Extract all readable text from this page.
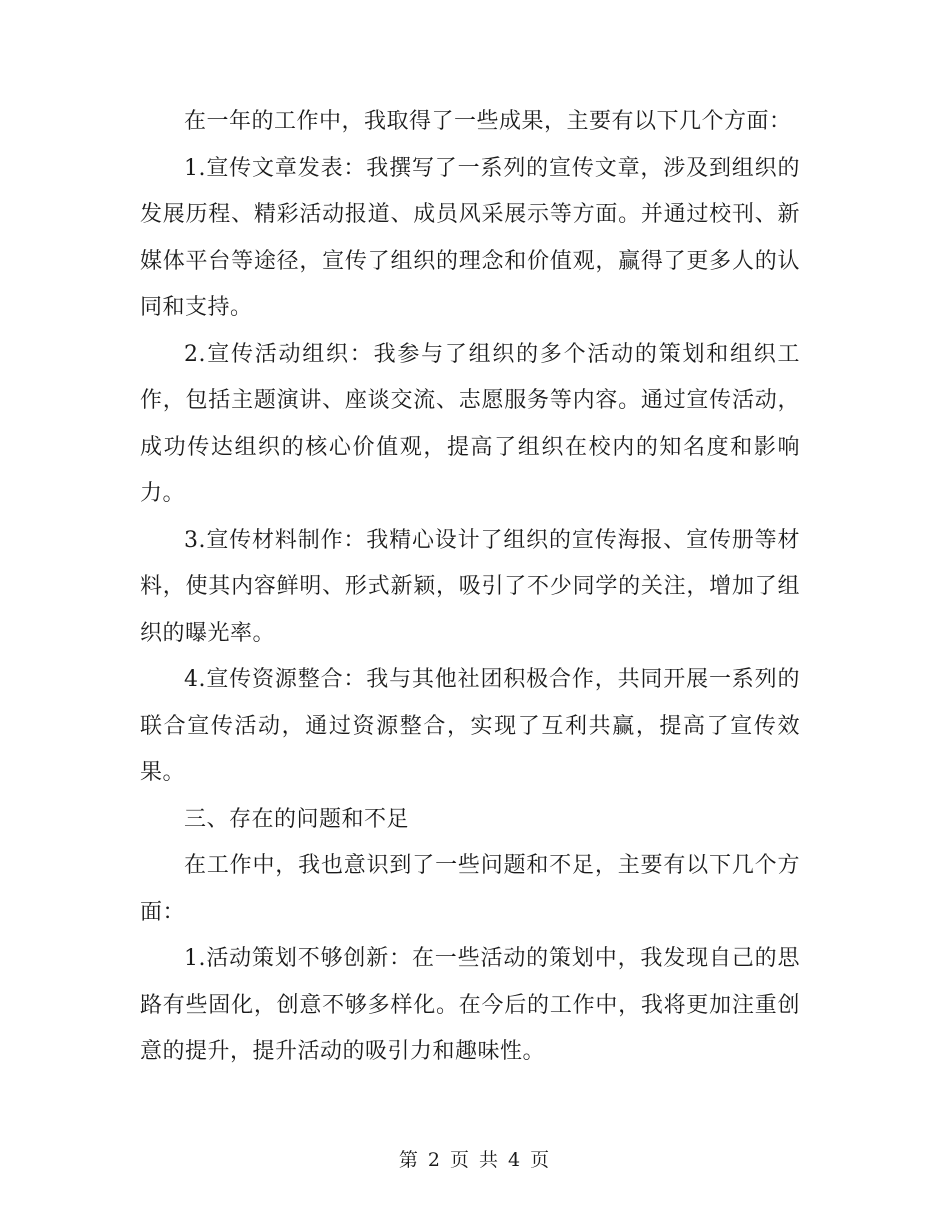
在一年的工作中，我取得了一些成果，主要有以下几个方面：

1.宣传文章发表：我撰写了一系列的宣传文章，涉及到组织的发展历程、精彩活动报道、成员风采展示等方面。并通过校刊、新媒体平台等途径，宣传了组织的理念和价值观，赢得了更多人的认同和支持。

2.宣传活动组织：我参与了组织的多个活动的策划和组织工作，包括主题演讲、座谈交流、志愿服务等内容。通过宣传活动，成功传达组织的核心价值观，提高了组织在校内的知名度和影响力。

3.宣传材料制作：我精心设计了组织的宣传海报、宣传册等材料，使其内容鲜明、形式新颖，吸引了不少同学的关注，增加了组织的曝光率。

4.宣传资源整合：我与其他社团积极合作，共同开展一系列的联合宣传活动，通过资源整合，实现了互利共赢，提高了宣传效果。

三、存在的问题和不足

在工作中，我也意识到了一些问题和不足，主要有以下几个方面：

1.活动策划不够创新：在一些活动的策划中，我发现自己的思路有些固化，创意不够多样化。在今后的工作中，我将更加注重创意的提升，提升活动的吸引力和趣味性。

第 2 页 共 4 页
